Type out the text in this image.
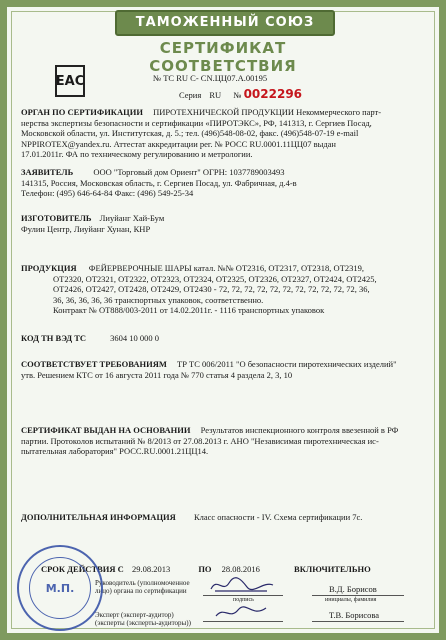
ТАМОЖЕННЫЙ СОЮЗ
СЕРТИФИКАТ СООТВЕТСТВИЯ
EAC	№ ТС RU С- CN.ЦЦ07.А.00195
Серия RU № 0022296
ОРГАН ПО СЕРТИФИКАЦИИ ПИРОТЕХНИЧЕСКОЙ ПРОДУКЦИИ Некоммерческого парт-
нерства экспертизы безопасности и сертификации «ПИРОТЭКС», РФ, 141313, г. Сергиев Посад,
Московской области, ул. Институтская, д. 5.; тел. (496)548-08-02, факс. (496)548-07-19 e-mail
NPPIROTEX@yandex.ru. Аттестат аккредитации рег. № РОСС RU.0001.11ЦЦ07 выдан
17.01.2011г. ФА по техническому регулированию и метрологии.
ЗАЯВИТЕЛЬ ООО "Торговый дом Ориент" ОГРН: 1037789003493
141315, Россия, Московская область, г. Сергиев Посад, ул. Фабричная, д.4-в
Телефон: (495) 646-64-84 Факс: (496) 549-25-34
ИЗГОТОВИТЕЛЬ Лиуйанг Хай-Бум
Фулин Центр, Лиуйанг Хунан, КНР
ПРОДУКЦИЯ ФЕЙЕРВЕРОЧНЫЕ ШАРЫ катал. №№ OT2316, OT2317, OT2318, OT2319,
OT2320, OT2321, OT2322, OT2323, OT2324, OT2325, OT2326, OT2327, OT2424, OT2425,
OT2426, OT2427, OT2428, OT2429, OT2430 - 72, 72, 72, 72, 72, 72, 72, 72, 72, 72, 72, 36,
36, 36, 36, 36, 36 транспортных упаковок, соответственно.
Контракт № OT888/003-2011 от 14.02.2011г. - 1116 транспортных упаковок
КОД ТН ВЭД ТС	3604 10 000 0
СООТВЕТСТВУЕТ ТРЕБОВАНИЯМ ТР ТС 006/2011 "О безопасности пиротехнических изделий"
утв. Решением КТС от 16 августа 2011 года № 770 статья 4 раздела 2, 3, 10
СЕРТИФИКАТ ВЫДАН НА ОСНОВАНИИ Результатов инспекционного контроля ввезенной в РФ
партии. Протоколов испытаний № 8/2013 от 27.08.2013 г. АНО "Независимая пиротехническая ис-
пытательная лаборатория" РОСС.RU.0001.21ЦЦ14.
ДОПОЛНИТЕЛЬНАЯ ИНФОРМАЦИЯ Класс опасности - IV. Схема сертификации 7с.
СРОК ДЕЙСТВИЯ С 29.08.2013	ПО 28.08.2016	ВКЛЮЧИТЕЛЬНО
Руководитель (уполномоченное
лицо) органа по сертификации
подпись
В.Д. Борисов
инициалы, фамилия
Эксперт (эксперт-аудитор)
(эксперты (эксперты-аудиторы))
Т.В. Борисова
М.П.
